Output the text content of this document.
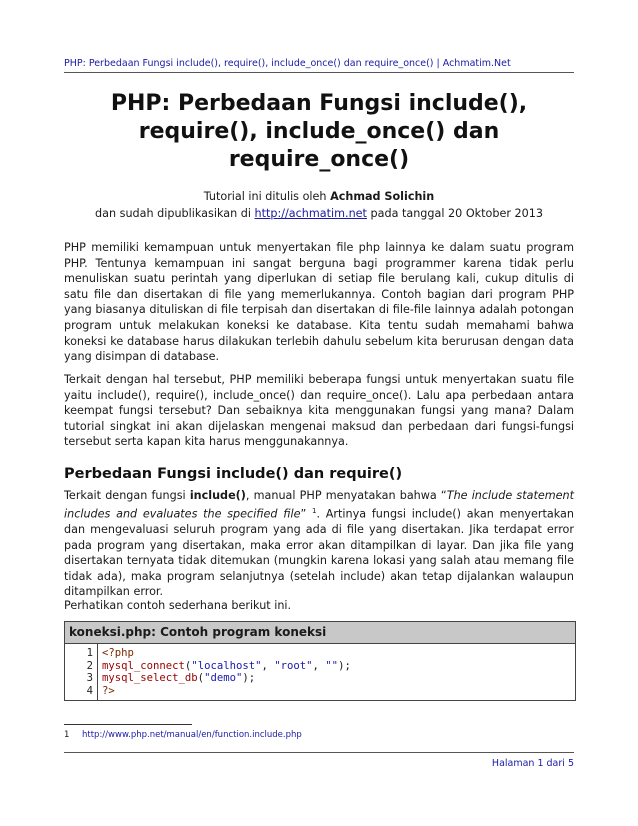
PHP: Perbedaan Fungsi include(), require(), include_once() dan require_once() | Achmatim.Net
PHP: Perbedaan Fungsi include(),
require(), include_once() dan
require_once()
Tutorial ini ditulis oleh Achmad Solichin
dan sudah dipublikasikan di http://achmatim.net pada tanggal 20 Oktober 2013
PHP memiliki kemampuan untuk menyertakan file php lainnya ke dalam suatu program PHP. Tentunya kemampuan ini sangat berguna bagi programmer karena tidak perlu menuliskan suatu perintah yang diperlukan di setiap file berulang kali, cukup ditulis di satu file dan disertakan di file yang memerlukannya. Contoh bagian dari program PHP yang biasanya dituliskan di file terpisah dan disertakan di file-file lainnya adalah potongan program untuk melakukan koneksi ke database. Kita tentu sudah memahami bahwa koneksi ke database harus dilakukan terlebih dahulu sebelum kita berurusan dengan data yang disimpan di database.
Terkait dengan hal tersebut, PHP memiliki beberapa fungsi untuk menyertakan suatu file yaitu include(), require(), include_once() dan require_once(). Lalu apa perbedaan antara keempat fungsi tersebut? Dan sebaiknya kita menggunakan fungsi yang mana? Dalam tutorial singkat ini akan dijelaskan mengenai maksud dan perbedaan dari fungsi-fungsi tersebut serta kapan kita harus menggunakannya.
Perbedaan Fungsi include() dan require()
Terkait dengan fungsi include(), manual PHP menyatakan bahwa “The include statement includes and evaluates the specified file” $^1$. Artinya fungsi include() akan menyertakan dan mengevaluasi seluruh program yang ada di file yang disertakan. Jika terdapat error pada program yang disertakan, maka error akan ditampilkan di layar. Dan jika file yang disertakan ternyata tidak ditemukan (mungkin karena lokasi yang salah atau memang file tidak ada), maka program selanjutnya (setelah include) akan tetap dijalankan walaupun ditampilkan error.
Perhatikan contoh sederhana berikut ini.
koneksi.php: Contoh program koneksi
1
2
3
4
<?php
mysql_connect("localhost", "root", "");
mysql_select_db("demo");
?>
1 http://www.php.net/manual/en/function.include.php
Halaman 1 dari 5
